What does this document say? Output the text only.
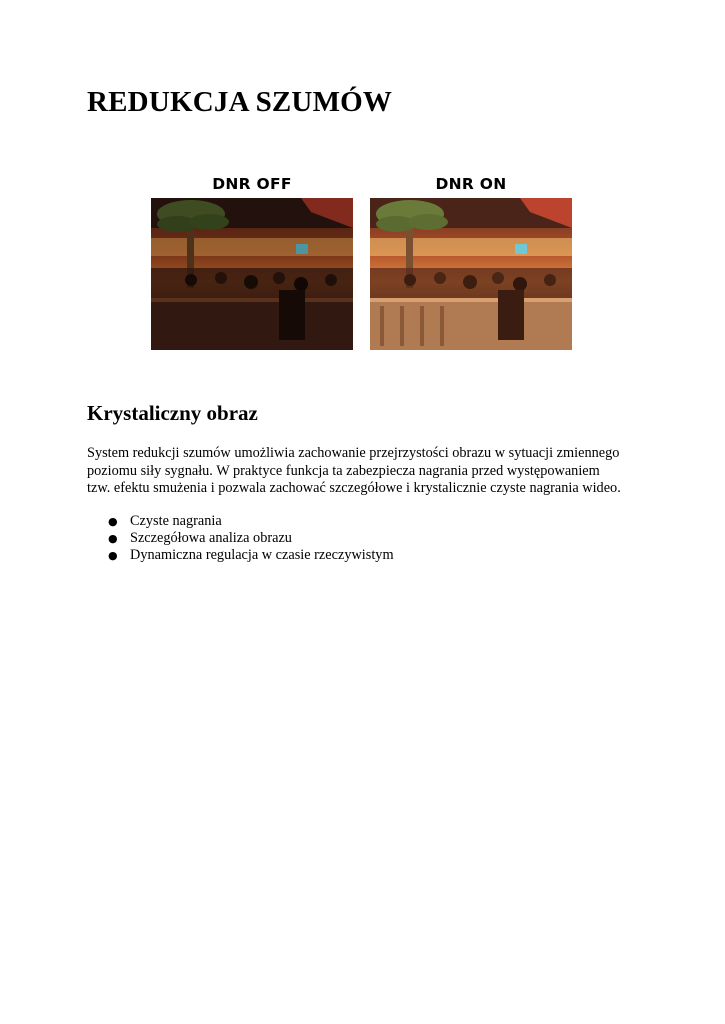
REDUKCJA SZUMÓW
DNR OFF	DNR ON
Krystaliczny obraz

System redukcji szumów umożliwia zachowanie przejrzystości obrazu w sytuacji zmiennego
poziomu siły sygnału. W praktyce funkcja ta zabezpiecza nagrania przed występowaniem
tzw. efektu smużenia i pozwala zachować szczegółowe i krystalicznie czyste nagrania wideo.

● Czyste nagrania
● Szczegółowa analiza obrazu
● Dynamiczna regulacja w czasie rzeczywistym
